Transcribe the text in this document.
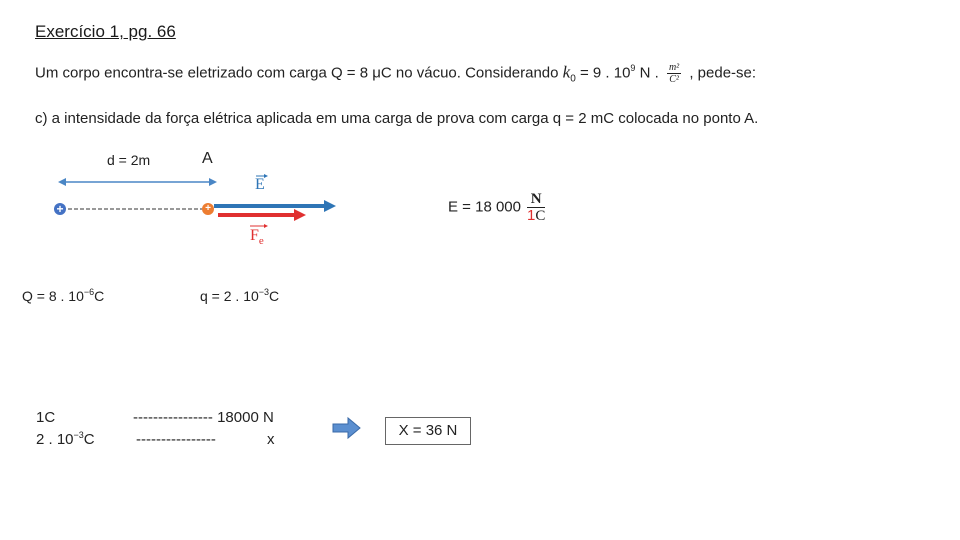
Exercício 1, pg. 66
Um corpo encontra-se eletrizado com carga Q = 8 μC no vácuo. Considerando $k_0 = 9$ . $10^9$ N . $\frac{\text{m²}}{\text{C²}}$ , pede-se:
c) a intensidade da força elétrica aplicada em uma carga de prova com carga q = 2 mC colocada no ponto A.
d = 2m	A
+	+
E
$F_e$
E = 18 $000 \frac{N}{1C}$
Q = 8 . $10^{-6}C$	q = 2 . $10^{-3}C$
1C	---------------- 18000 N
2 . $10^{-3}C$	----------------	x
X = 36 N
